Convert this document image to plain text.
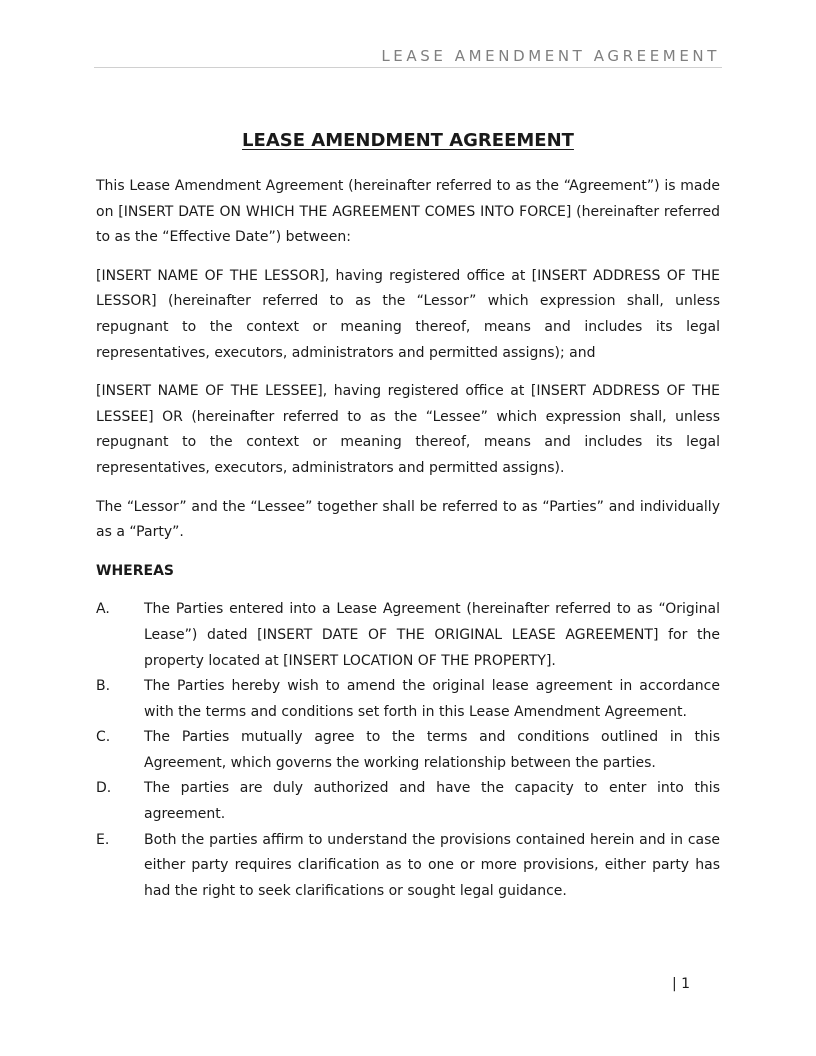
LEASE AMENDMENT AGREEMENT
LEASE AMENDMENT AGREEMENT

This Lease Amendment Agreement (hereinafter referred to as the “Agreement”) is made on [INSERT DATE ON WHICH THE AGREEMENT COMES INTO FORCE] (hereinafter referred to as the “Effective Date”) between:

[INSERT NAME OF THE LESSOR], having registered office at [INSERT ADDRESS OF THE LESSOR] (hereinafter referred to as the “Lessor” which expression shall, unless repugnant to the context or meaning thereof, means and includes its legal representatives, executors, administrators and permitted assigns); and

[INSERT NAME OF THE LESSEE], having registered office at [INSERT ADDRESS OF THE LESSEE] OR (hereinafter referred to as the “Lessee” which expression shall, unless repugnant to the context or meaning thereof, means and includes its legal representatives, executors, administrators and permitted assigns).

The “Lessor” and the “Lessee” together shall be referred to as “Parties” and individually as a “Party”.

WHEREAS
A.	The Parties entered into a Lease Agreement (hereinafter referred to as “Original Lease”) dated [INSERT DATE OF THE ORIGINAL LEASE AGREEMENT] for the property located at [INSERT LOCATION OF THE PROPERTY].
B.	The Parties hereby wish to amend the original lease agreement in accordance with the terms and conditions set forth in this Lease Amendment Agreement.
C.	The Parties mutually agree to the terms and conditions outlined in this Agreement, which governs the working relationship between the parties.
D.	The parties are duly authorized and have the capacity to enter into this agreement.
E.	Both the parties affirm to understand the provisions contained herein and in case either party requires clarification as to one or more provisions, either party has had the right to seek clarifications or sought legal guidance.
| 1
